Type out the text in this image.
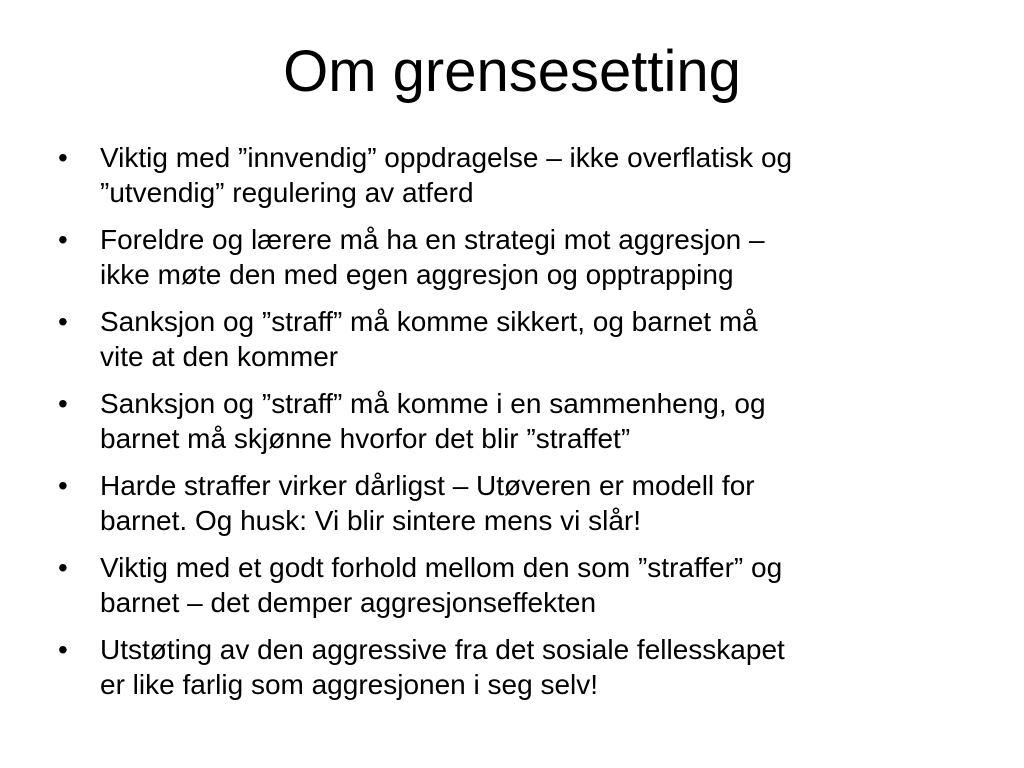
Om grensesetting
•	Viktig med ”innvendig” oppdragelse – ikke overflatisk og
”utvendig” regulering av atferd
•	Foreldre og lærere må ha en strategi mot aggresjon –
ikke møte den med egen aggresjon og opptrapping
•	Sanksjon og ”straff” må komme sikkert, og barnet må
vite at den kommer
•	Sanksjon og ”straff” må komme i en sammenheng, og
barnet må skjønne hvorfor det blir ”straffet”
•	Harde straffer virker dårligst – Utøveren er modell for
barnet. Og husk: Vi blir sintere mens vi slår!
•	Viktig med et godt forhold mellom den som ”straffer” og
barnet – det demper aggresjonseffekten
•	Utstøting av den aggressive fra det sosiale fellesskapet
er like farlig som aggresjonen i seg selv!
